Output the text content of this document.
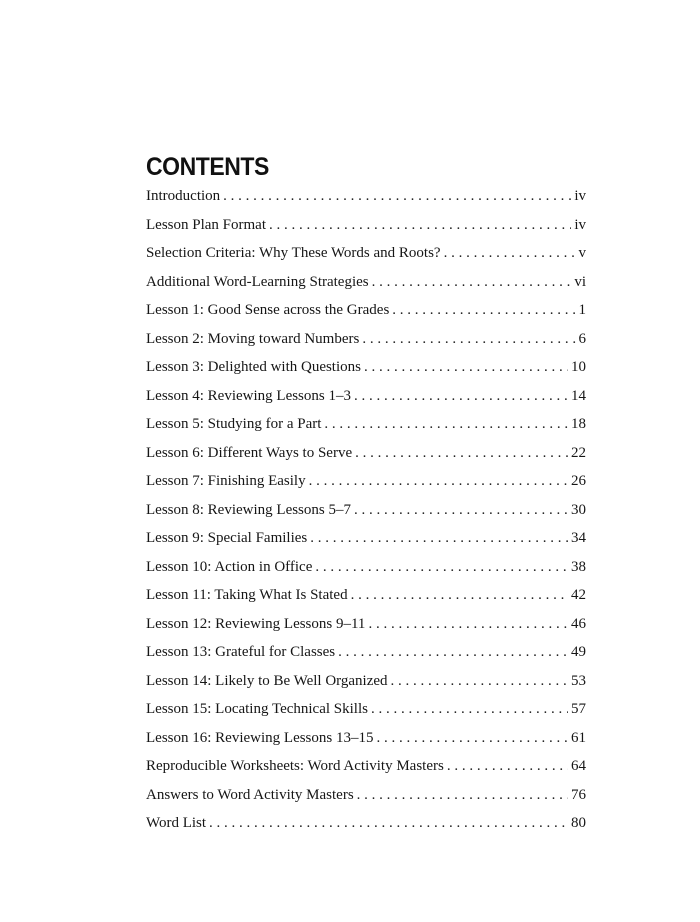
CONTENTS
Introduction . . .	iv
Lesson Plan Format . . .	iv
Selection Criteria: Why These Words and Roots? . . .	v
Additional Word-Learning Strategies . . .	vi
Lesson 1: Good Sense across the Grades . . .	1
Lesson 2: Moving toward Numbers . . .	6
Lesson 3: Delighted with Questions . . .	10
Lesson 4: Reviewing Lessons 1–3 . . .	14
Lesson 5: Studying for a Part . . .	18
Lesson 6: Different Ways to Serve . . .	22
Lesson 7: Finishing Easily . . .	26
Lesson 8: Reviewing Lessons 5–7 . . .	30
Lesson 9: Special Families . . .	34
Lesson 10: Action in Office . . .	38
Lesson 11: Taking What Is Stated . . .	42
Lesson 12: Reviewing Lessons 9–11 . . .	46
Lesson 13: Grateful for Classes . . .	49
Lesson 14: Likely to Be Well Organized . . .	53
Lesson 15: Locating Technical Skills . . .	57
Lesson 16: Reviewing Lessons 13–15 . . .	61
Reproducible Worksheets: Word Activity Masters . . .	64
Answers to Word Activity Masters . . .	76
Word List . . .	80
